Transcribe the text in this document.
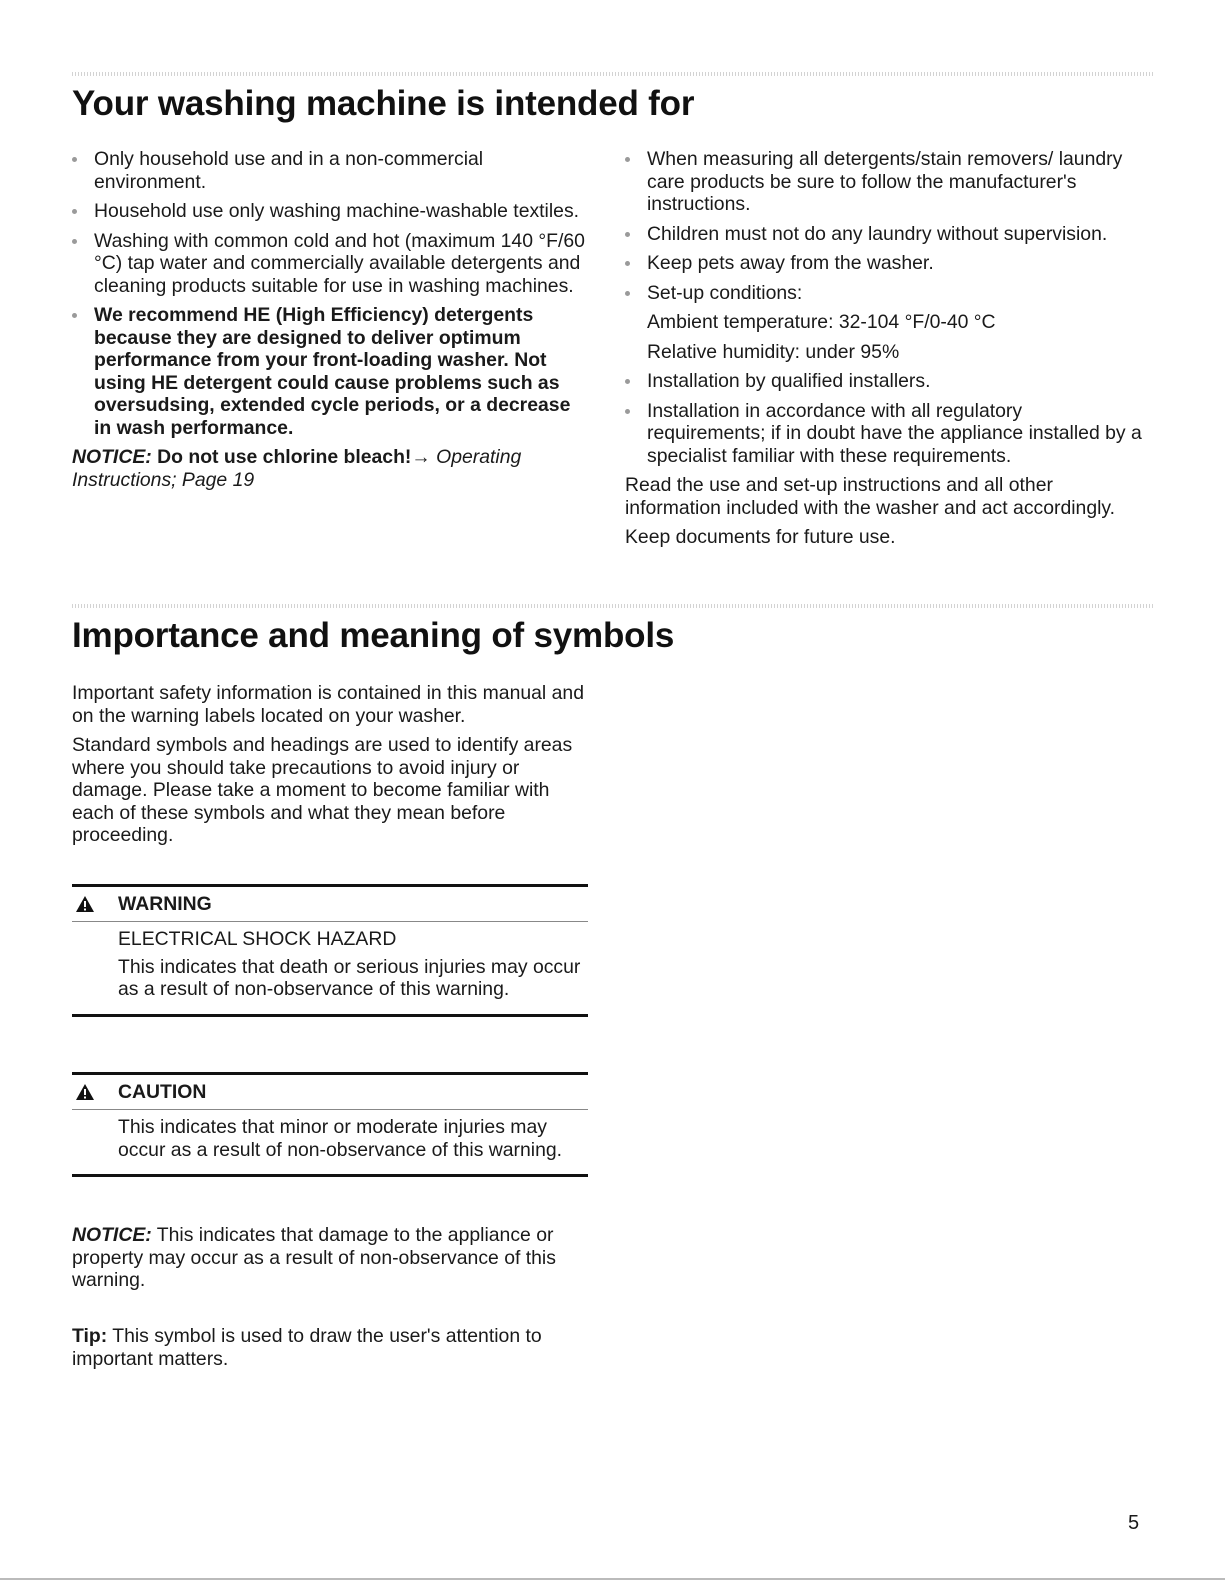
Your washing machine is intended for
Only household use and in a non-commercial environment.
Household use only washing machine-washable textiles.
Washing with common cold and hot (maximum 140 °F/60 °C) tap water and commercially available detergents and cleaning products suitable for use in washing machines.
We recommend HE (High Efficiency) detergents because they are designed to deliver optimum performance from your front-loading washer. Not using HE detergent could cause problems such as oversudsing, extended cycle periods, or a decrease in wash performance.

NOTICE: Do not use chlorine bleach!→ Operating Instructions; Page 19

When measuring all detergents/stain removers/ laundry care products be sure to follow the manufacturer's instructions.
Children must not do any laundry without supervision.
Keep pets away from the washer.
Set-up conditions:
Ambient temperature: 32-104 °F/0-40 °C
Relative humidity: under 95%
Installation by qualified installers.
Installation in accordance with all regulatory requirements; if in doubt have the appliance installed by a specialist familiar with these requirements.

Read the use and set-up instructions and all other information included with the washer and act accordingly.

Keep documents for future use.

Importance and meaning of symbols

Important safety information is contained in this manual and on the warning labels located on your washer.

Standard symbols and headings are used to identify areas where you should take precautions to avoid injury or damage. Please take a moment to become familiar with each of these symbols and what they mean before proceeding.

WARNING

ELECTRICAL SHOCK HAZARD

This indicates that death or serious injuries may occur as a result of non-observance of this warning.

CAUTION

This indicates that minor or moderate injuries may occur as a result of non-observance of this warning.

NOTICE: This indicates that damage to the appliance or property may occur as a result of non-observance of this warning.

Tip: This symbol is used to draw the user's attention to important matters.

5
